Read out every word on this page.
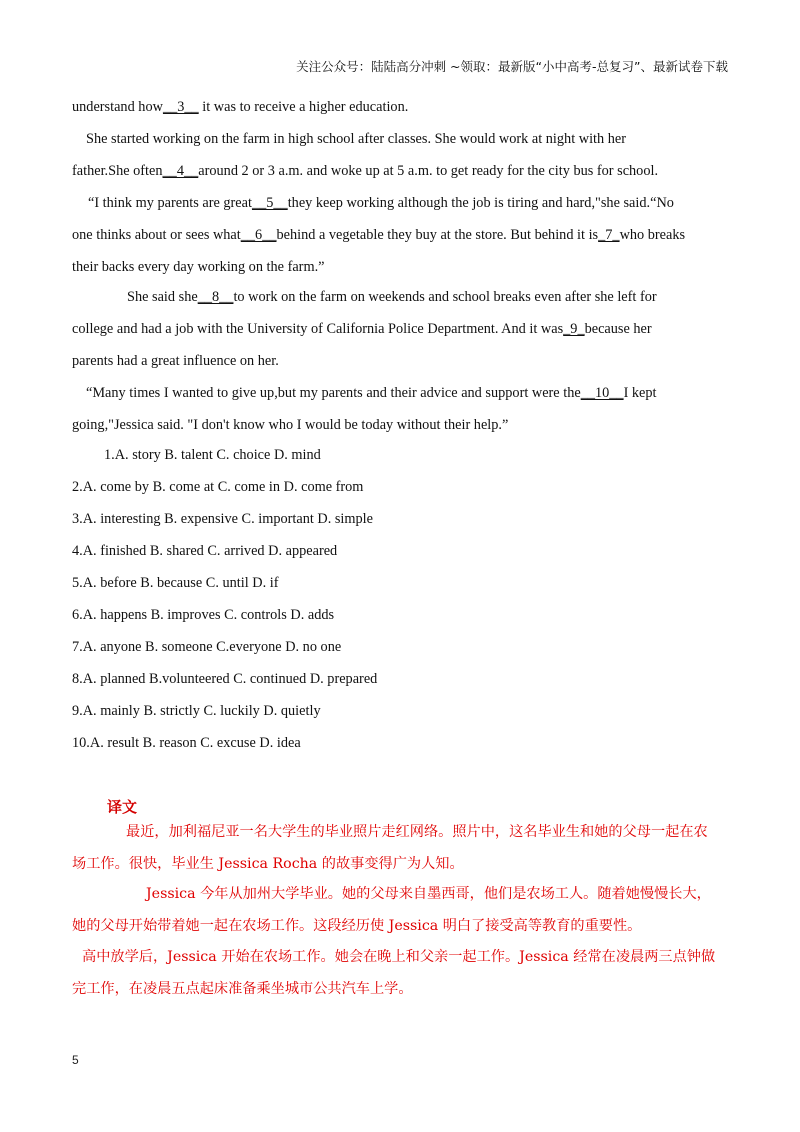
关注公众号：陆陆高分冲刺 ~领取：最新版“小中高考-总复习”、最新试卷下载
understand how__3__ it was to receive a higher education.
She started working on the farm in high school after classes. She would work at night with her
father.She often__4__around 2 or 3 a.m. and woke up at 5 a.m. to get ready for the city bus for school.
“I think my parents are great__5__they keep working although the job is tiring and hard,"she said.“No
one thinks about or sees what__6__behind a vegetable they buy at the store. But behind it is_7_who breaks
their backs every day working on the farm.”
She said she__8__to work on the farm on weekends and school breaks even after she left for
college and had a job with the University of California Police Department. And it was_9_because her
parents had a great influence on her.
“Many times I wanted to give up,but my parents and their advice and support were the__10__I kept
going,"Jessica said. "I don't know who I would be today without their help.”
1.A. story B. talent C. choice D. mind
2.A. come by B. come at C. come in D. come from
3.A. interesting B. expensive C. important D. simple
4.A. finished B. shared C. arrived D. appeared
5.A. before B. because C. until D. if
6.A. happens B. improves C. controls D. adds
7.A. anyone B. someone C.everyone D. no one
8.A. planned B.volunteered C. continued D. prepared
9.A. mainly B. strictly C. luckily D. quietly
10.A. result B. reason C. excuse D. idea
译文
最近，加利福尼亚一名大学生的毕业照片走红网络。照片中，这名毕业生和她的父母一起在农
场工作。很快，毕业生 Jessica Rocha 的故事变得广为人知。
Jessica 今年从加州大学毕业。她的父母来自墨西哥，他们是农场工人。随着她慢慢长大，
她的父母开始带着她一起在农场工作。这段经历使 Jessica 明白了接受高等教育的重要性。
高中放学后，Jessica 开始在农场工作。她会在晚上和父亲一起工作。Jessica 经常在凌晨两三点钟做
完工作，在凌晨五点起床准备乘坐城市公共汽车上学。
5
